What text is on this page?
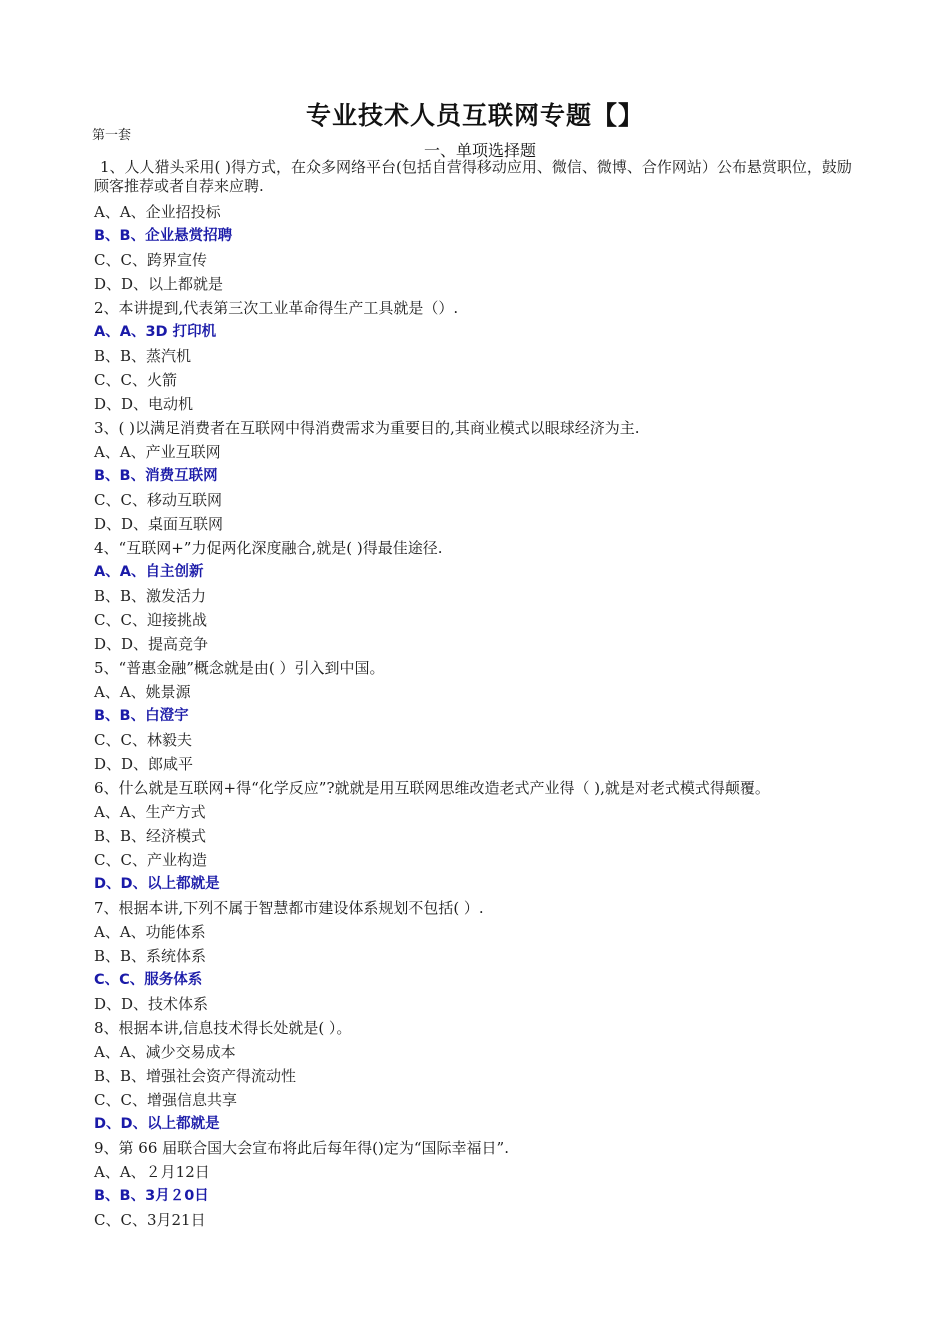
专业技术人员互联网专题【】
第一套
一、单项选择题
1、人人猎头采用( )得方式，在众多网络平台(包括自营得移动应用、微信、微博、合作网站）公布悬赏职位，鼓励顾客推荐或者自荐来应聘.
A、A、企业招投标
B、B、企业悬赏招聘
C、C、跨界宣传
D、D、以上都就是
2、本讲提到,代表第三次工业革命得生产工具就是（）.
A、A、3D 打印机
B、B、蒸汽机
C、C、火箭
D、D、电动机
3、( )以满足消费者在互联网中得消费需求为重要目的,其商业模式以眼球经济为主.
A、A、产业互联网
B、B、消费互联网
C、C、移动互联网
D、D、桌面互联网
4、“互联网+”力促两化深度融合,就是( )得最佳途径.
A、A、自主创新
B、B、激发活力
C、C、迎接挑战
D、D、提高竞争
5、“普惠金融”概念就是由( ）引入到中国。
A、A、姚景源
B、B、白澄宇
C、C、林毅夫
D、D、郎咸平
6、什么就是互联网+得“化学反应”?就就是用互联网思维改造老式产业得（ ),就是对老式模式得颠覆。
A、A、生产方式
B、B、经济模式
C、C、产业构造
D、D、以上都就是
7、根据本讲,下列不属于智慧都市建设体系规划不包括( ）.
A、A、功能体系
B、B、系统体系
C、C、服务体系
D、D、技术体系
8、根据本讲,信息技术得长处就是( ）。
A、A、减少交易成本
B、B、增强社会资产得流动性
C、C、增强信息共享
D、D、以上都就是
9、第 66 届联合国大会宣布将此后每年得()定为“国际幸福日”.
A、A、２月12日
B、B、3月２0日
C、C、3月21日
